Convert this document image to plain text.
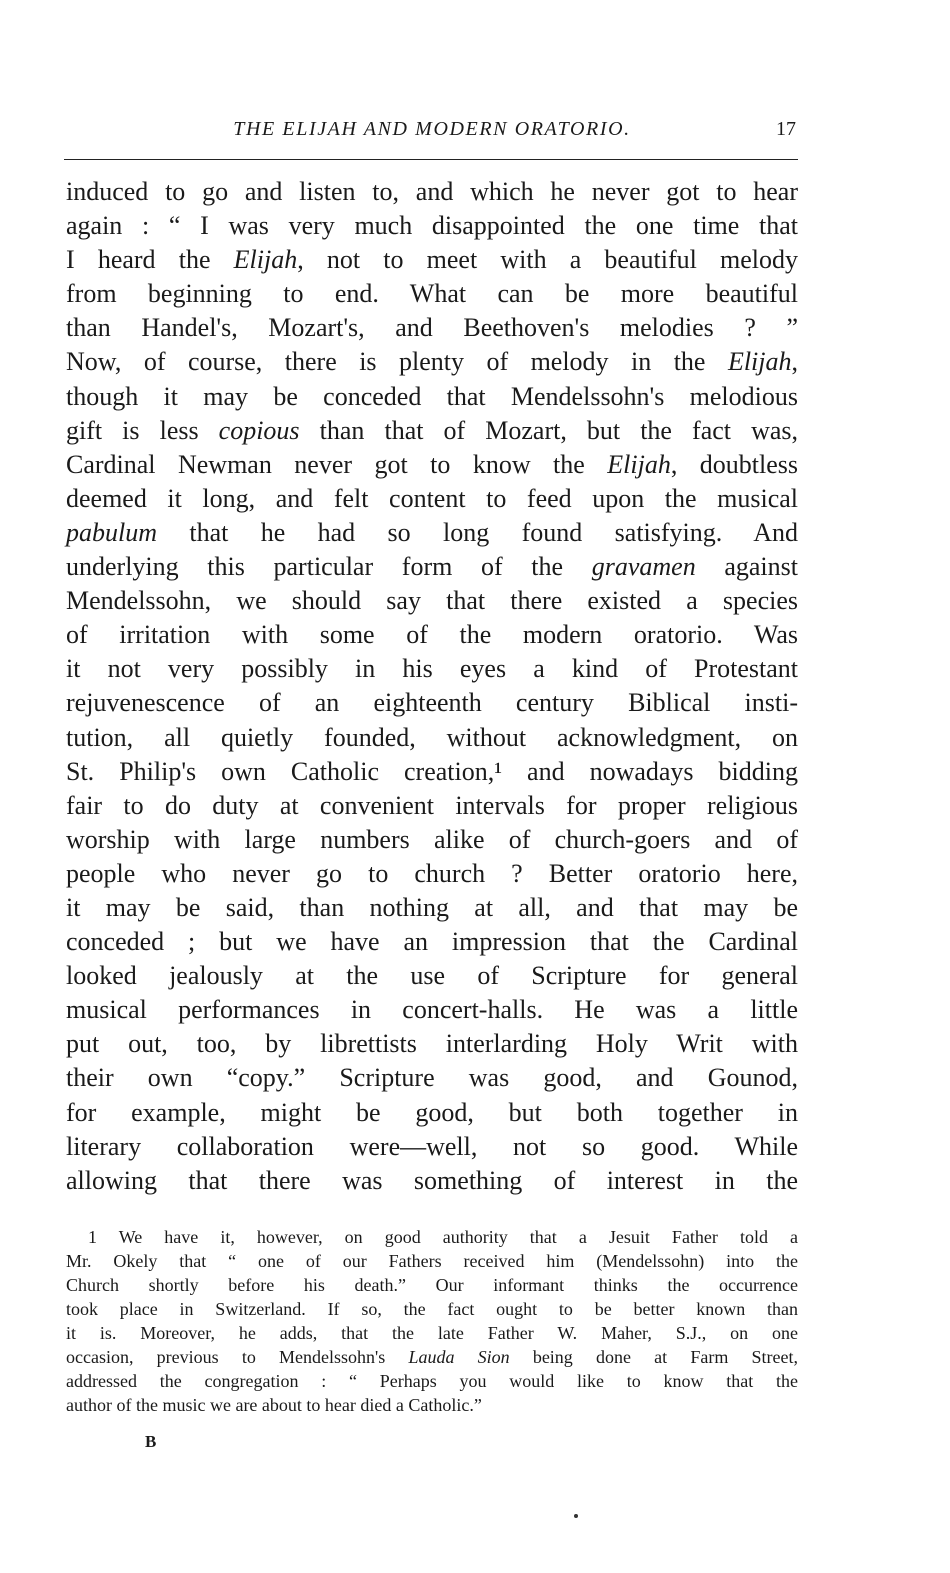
THE ELIJAH AND MODERN ORATORIO.	17
induced to go and listen to, and which he never got to hear
again : “ I was very much disappointed the one time that
I heard the Elijah, not to meet with a beautiful melody
from beginning to end. What can be more beautiful
than Handel's, Mozart's, and Beethoven's melodies ? ”
Now, of course, there is plenty of melody in the Elijah,
though it may be conceded that Mendelssohn's melodious
gift is less copious than that of Mozart, but the fact was,
Cardinal Newman never got to know the Elijah, doubtless
deemed it long, and felt content to feed upon the musical
pabulum that he had so long found satisfying. And
underlying this particular form of the gravamen against
Mendelssohn, we should say that there existed a species
of irritation with some of the modern oratorio. Was
it not very possibly in his eyes a kind of Protestant
rejuvenescence of an eighteenth century Biblical insti-
tution, all quietly founded, without acknowledgment, on
St. Philip's own Catholic creation,¹ and nowadays bidding
fair to do duty at convenient intervals for proper religious
worship with large numbers alike of church-goers and of
people who never go to church ? Better oratorio here,
it may be said, than nothing at all, and that may be
conceded ; but we have an impression that the Cardinal
looked jealously at the use of Scripture for general
musical performances in concert-halls. He was a little
put out, too, by librettists interlarding Holy Writ with
their own “copy.” Scripture was good, and Gounod,
for example, might be good, but both together in
literary collaboration were—well, not so good. While
allowing that there was something of interest in the
1 We have it, however, on good authority that a Jesuit Father told a
Mr. Okely that “ one of our Fathers received him (Mendelssohn) into the
Church shortly before his death.” Our informant thinks the occurrence
took place in Switzerland. If so, the fact ought to be better known than
it is. Moreover, he adds, that the late Father W. Maher, S.J., on one
occasion, previous to Mendelssohn's Lauda Sion being done at Farm Street,
addressed the congregation : “ Perhaps you would like to know that the
author of the music we are about to hear died a Catholic.”
B
